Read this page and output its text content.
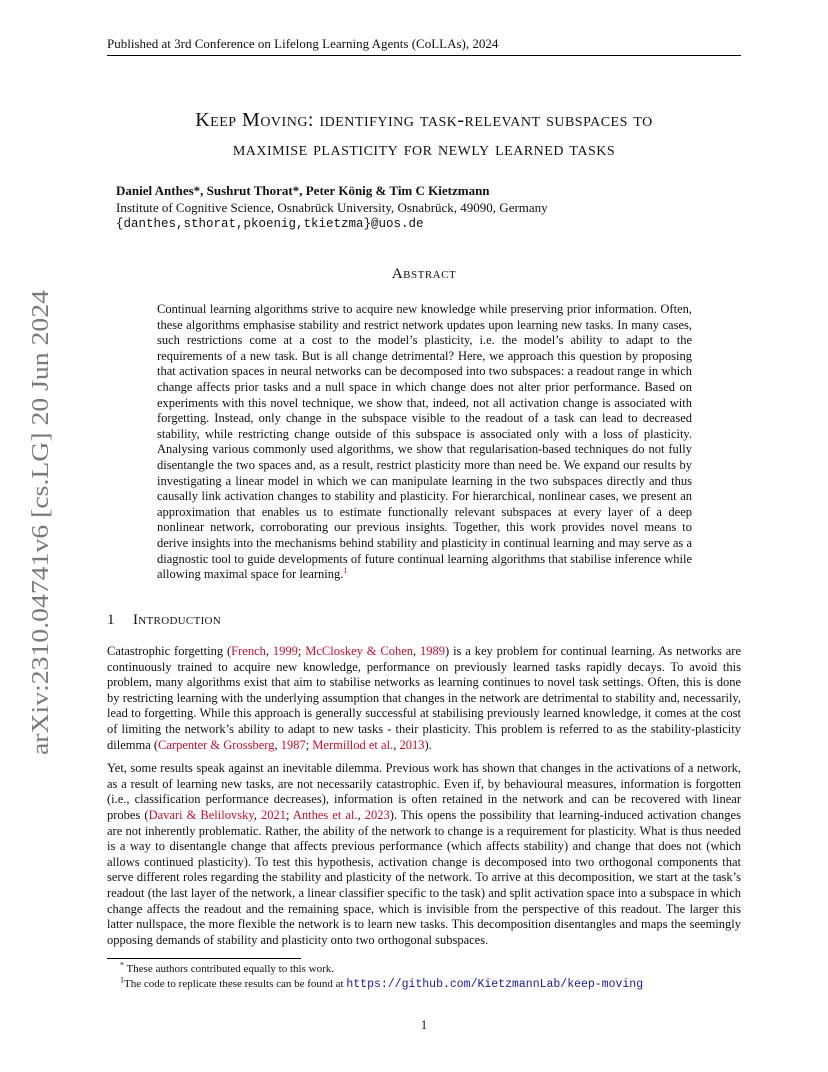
Published at 3rd Conference on Lifelong Learning Agents (CoLLAs), 2024
arXiv:2310.04741v6 [cs.LG] 20 Jun 2024
Keep Moving: identifying task-relevant subspaces to
maximise plasticity for newly learned tasks
Daniel Anthes*, Sushrut Thorat*, Peter König & Tim C Kietzmann
Institute of Cognitive Science, Osnabrück University, Osnabrück, 49090, Germany
{danthes,sthorat,pkoenig,tkietzma}@uos.de
Abstract
Continual learning algorithms strive to acquire new knowledge while preserving prior information. Often, these algorithms emphasise stability and restrict network updates upon learning new tasks. In many cases, such restrictions come at a cost to the model’s plasticity, i.e. the model’s ability to adapt to the requirements of a new task. But is all change detrimental? Here, we approach this question by proposing that activation spaces in neural networks can be decomposed into two subspaces: a readout range in which change affects prior tasks and a null space in which change does not alter prior performance. Based on experiments with this novel technique, we show that, indeed, not all activation change is associated with forgetting. Instead, only change in the subspace visible to the readout of a task can lead to decreased stability, while restricting change outside of this subspace is associated only with a loss of plasticity. Analysing various commonly used algorithms, we show that regularisation-based techniques do not fully disentangle the two spaces and, as a result, restrict plasticity more than need be. We expand our results by investigating a linear model in which we can manipulate learning in the two subspaces directly and thus causally link activation changes to stability and plasticity. For hierarchical, nonlinear cases, we present an approximation that enables us to estimate functionally relevant subspaces at every layer of a deep nonlinear network, corroborating our previous insights. Together, this work provides novel means to derive insights into the mechanisms behind stability and plasticity in continual learning and may serve as a diagnostic tool to guide developments of future continual learning algorithms that stabilise inference while allowing maximal space for learning.$^1$
1 Introduction

Catastrophic forgetting (French, 1999; McCloskey & Cohen, 1989) is a key problem for continual learning. As networks are continuously trained to acquire new knowledge, performance on previously learned tasks rapidly decays. To avoid this problem, many algorithms exist that aim to stabilise networks as learning continues to novel task settings. Often, this is done by restricting learning with the underlying assumption that changes in the network are detrimental to stability and, necessarily, lead to forgetting. While this approach is generally successful at stabilising previously learned knowledge, it comes at the cost of limiting the network’s ability to adapt to new tasks - their plasticity. This problem is referred to as the stability-plasticity dilemma (Carpenter & Grossberg, 1987; Mermillod et al., 2013).

Yet, some results speak against an inevitable dilemma. Previous work has shown that changes in the activations of a network, as a result of learning new tasks, are not necessarily catastrophic. Even if, by behavioural measures, information is forgotten (i.e., classification performance decreases), information is often retained in the network and can be recovered with linear probes (Davari & Belilovsky, 2021; Anthes et al., 2023). This opens the possibility that learning-induced activation changes are not inherently problematic. Rather, the ability of the network to change is a requirement for plasticity. What is thus needed is a way to disentangle change that affects previous performance (which affects stability) and change that does not (which allows continued plasticity). To test this hypothesis, activation change is decomposed into two orthogonal components that serve different roles regarding the stability and plasticity of the network. To arrive at this decomposition, we start at the task’s readout (the last layer of the network, a linear classifier specific to the task) and split activation space into a subspace in which change affects the readout and the remaining space, which is invisible from the perspective of this readout. The larger this latter nullspace, the more flexible the network is to learn new tasks. This decomposition disentangles and maps the seemingly opposing demands of stability and plasticity onto two orthogonal subspaces.

* These authors contributed equally to this work.
$^1$The code to replicate these results can be found at https://github.com/KietzmannLab/keep-moving
1
